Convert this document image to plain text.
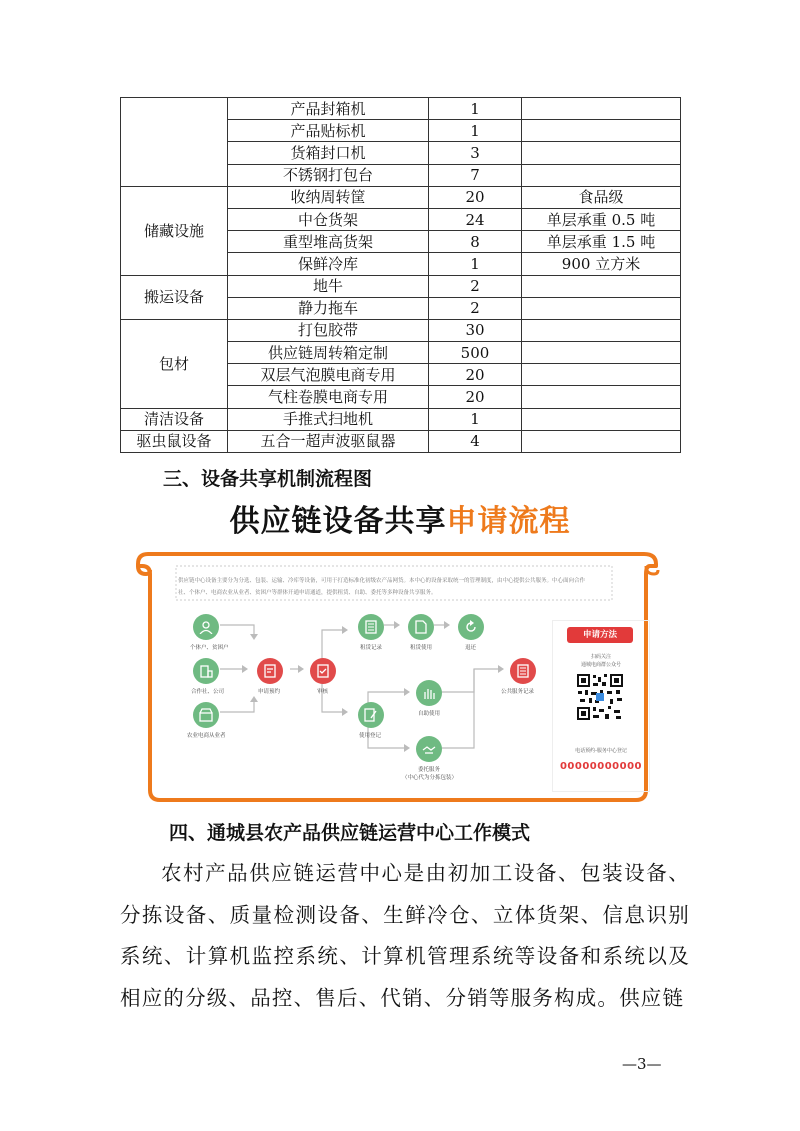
	产品封箱机	1	
	产品贴标机	1	
	货箱封口机	3	
	不锈钢打包台	7	
储藏设施	收纳周转筐	20	食品级
	中仓货架	24	单层承重 0.5 吨
	重型堆高货架	8	单层承重 1.5 吨
	保鲜冷库	1	900 立方米
搬运设备	地牛	2	
	静力拖车	2	
包材	打包胶带	30	
	供应链周转箱定制	500	
	双层气泡膜电商专用	20	
	气柱卷膜电商专用	20	
清洁设备	手推式扫地机	1	
驱虫鼠设备	五合一超声波驱鼠器	4	
三、设备共享机制流程图
供应链设备共享申请流程
供应链中心设备主要分为分选、包装、运输、冷库等设备，可用于打造标准化初级农产品网货。本中心的设备采取统一的管理制度，由中心提供公共服务。中心面向合作社、个体户、电商农业从业者、贫困户等群体开通申请通道，提供租赁、自助、委托等多种设备共享服务。
个体户、贫困户
合作社、公司
农业电商从业者
申请预约	审核
租赁记录	租赁使用	退还
公共服务记录
使用登记
自助使用
委托服务
（中心代为分拣包装）
申请方法
扫码关注
通城电商群公众号
电话预约-服务中心登记
00000000000
四、通城县农产品供应链运营中心工作模式
农村产品供应链运营中心是由初加工设备、包装设备、分拣设备、质量检测设备、生鲜冷仓、立体货架、信息识别系统、计算机监控系统、计算机管理系统等设备和系统以及相应的分级、品控、售后、代销、分销等服务构成。供应链
—3—
